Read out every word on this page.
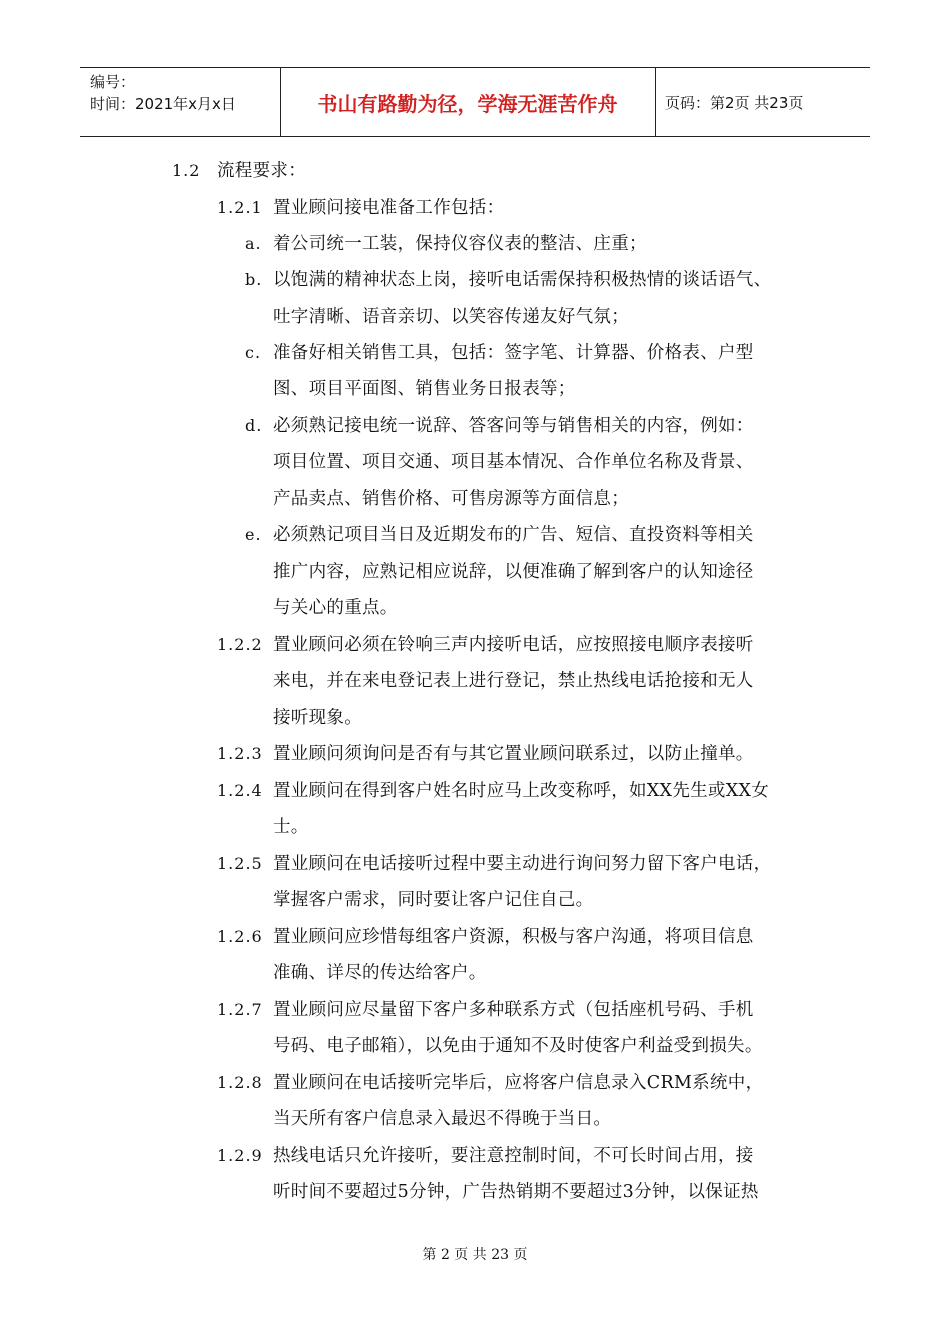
编号：
时间：2021年x月x日	书山有路勤为径，学海无涯苦作舟	页码：第2页 共23页
1.2 流程要求：
1.2.1 置业顾问接电准备工作包括：
a. 着公司统一工装，保持仪容仪表的整洁、庄重；
b. 以饱满的精神状态上岗，接听电话需保持积极热情的谈话语气、
吐字清晰、语音亲切、以笑容传递友好气氛；
c. 准备好相关销售工具，包括：签字笔、计算器、价格表、户型
图、项目平面图、销售业务日报表等；
d. 必须熟记接电统一说辞、答客问等与销售相关的内容，例如：
项目位置、项目交通、项目基本情况、合作单位名称及背景、
产品卖点、销售价格、可售房源等方面信息；
e. 必须熟记项目当日及近期发布的广告、短信、直投资料等相关
推广内容，应熟记相应说辞，以便准确了解到客户的认知途径
与关心的重点。
1.2.2 置业顾问必须在铃响三声内接听电话，应按照接电顺序表接听
来电，并在来电登记表上进行登记，禁止热线电话抢接和无人
接听现象。
1.2.3 置业顾问须询问是否有与其它置业顾问联系过，以防止撞单。
1.2.4 置业顾问在得到客户姓名时应马上改变称呼，如XX先生或XX女
士。
1.2.5 置业顾问在电话接听过程中要主动进行询问努力留下客户电话，
掌握客户需求，同时要让客户记住自己。
1.2.6 置业顾问应珍惜每组客户资源，积极与客户沟通，将项目信息
准确、详尽的传达给客户。
1.2.7 置业顾问应尽量留下客户多种联系方式（包括座机号码、手机
号码、电子邮箱），以免由于通知不及时使客户利益受到损失。
1.2.8 置业顾问在电话接听完毕后，应将客户信息录入CRM系统中，
当天所有客户信息录入最迟不得晚于当日。
1.2.9 热线电话只允许接听，要注意控制时间，不可长时间占用，接
听时间不要超过5分钟，广告热销期不要超过3分钟，以保证热
第 2 页 共 23 页
